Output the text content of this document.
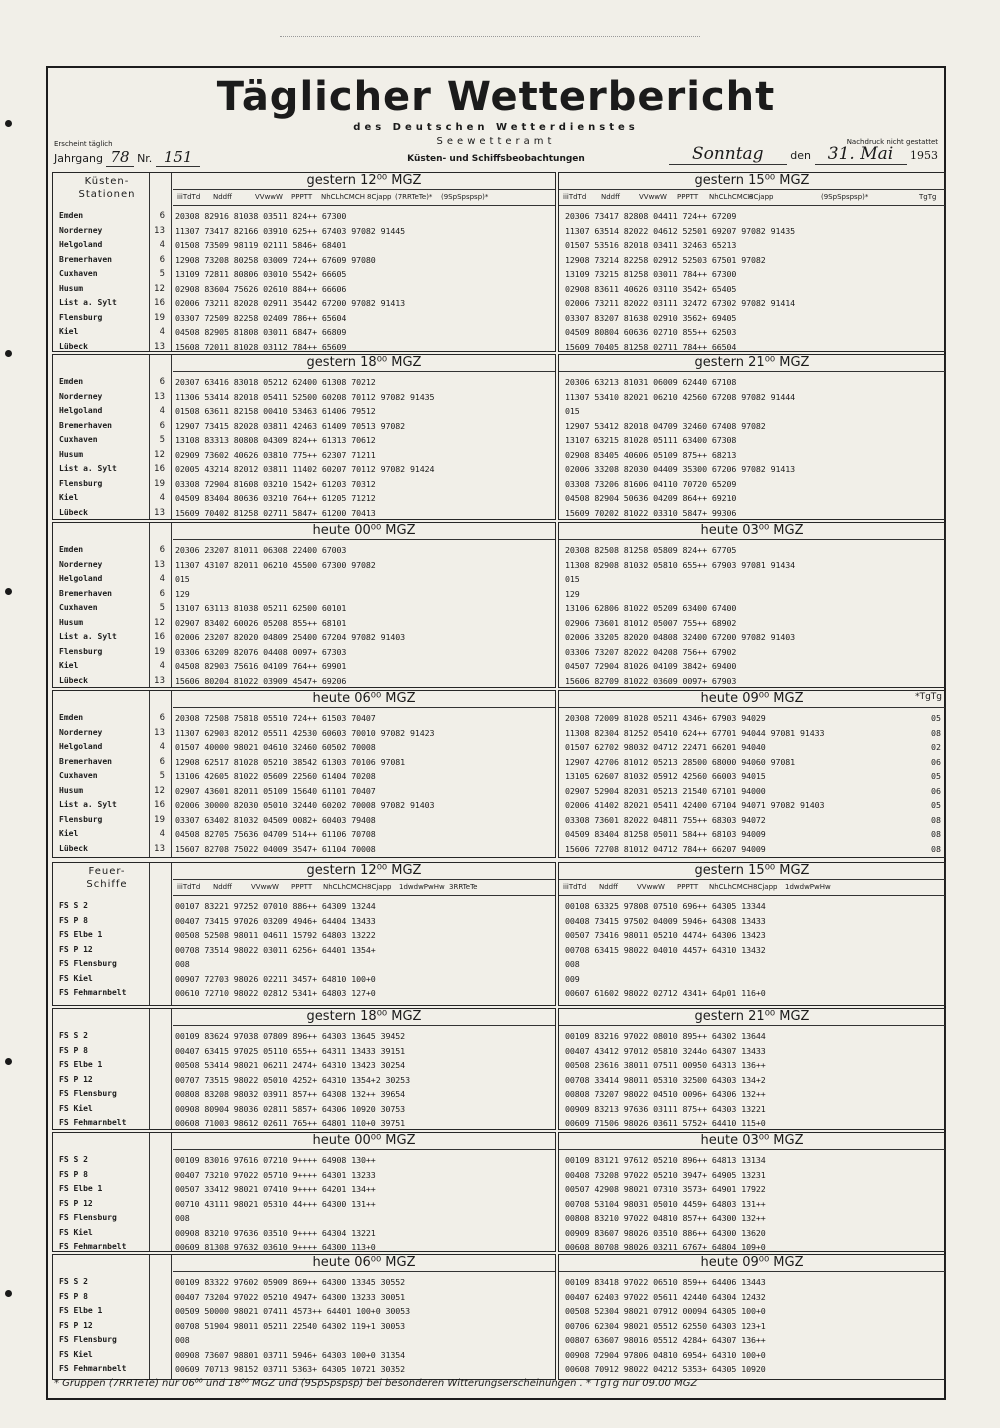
Täglicher Wetterbericht
des Deutschen Wetterdienstes
Seewetteramt
Erscheint täglich	Nachdruck nicht gestattet
Jahrgang 78 Nr. 151	Küsten- und Schiffsbeobachtungen	Sonntag den 31. Mai 1953
gestern 12⁰⁰ MGZ
iiiTdTd Nddff	VVwwW PPPTT NhCLhCMCH 8Cjapp (7RRTeTe)* (9SpSpspsp)*
Küsten-
Stationen
Emden	6 20308 82916 81038 03511 824++ 67300
Norderney	13 11307 73417 82166 03910 625++ 67403 97082 91445
Helgoland	4 01508 73509 98119 02111 5846+ 68401
Bremerhaven	6 12908 73208 80258 03009 724++ 67609 97080
Cuxhaven	5 13109 72811 80806 03010 5542+ 66605
Husum	12 02908 83604 75626 02610 884++ 66606
List a. Sylt	16 02006 73211 82028 02911 35442 67200 97082 91413
Flensburg	19 03307 72509 82258 02409 786++ 65604
Kiel	4 04508 82905 81808 03011 6847+ 66809
Lübeck	13 15608 72011 81028 03112 784++ 65609
gestern 15⁰⁰ MGZ
iiiTdTd Nddff	VVwwW PPPTT NhCLhCMCH
8Cjapp	(9SpSpspsp)*	TgTg
20306 73417 82808 04411 724++ 67209
11307 63514 82022 04612 52501 69207 97082 91435
01507 53516 82018 03411 32463 65213
12908 73214 82258 02912 52503 67501 97082
13109 73215 81258 03011 784++ 67300
02908 83611 40626 03110 3542+ 65405
02006 73211 82022 03111 32472 67302 97082 91414
03307 83207 81638 02910 3562+ 69405
04509 80804 60636 02710 855++ 62503
15609 70405 81258 02711 784++ 66504
gestern 18⁰⁰ MGZ
Emden	6 20307 63416 83018 05212 62400 61308 70212
Norderney	13 11306 53414 82018 05411 52500 60208 70112 97082 91435
Helgoland	4 01508 63611 82158 00410 53463 61406 79512
Bremerhaven	6 12907 73415 82028 03811 42463 61409 70513 97082
Cuxhaven	5 13108 83313 80808 04309 824++ 61313 70612
Husum	12 02909 73602 40626 03810 775++ 62307 71211
List a. Sylt	16 02005 43214 82012 03811 11402 60207 70112 97082 91424
Flensburg	19 03308 72904 81608 03210 1542+ 61203 70312
Kiel	4 04509 83404 80636 03210 764++ 61205 71212
Lübeck	13 15609 70402 81258 02711 5847+ 61200 70413
gestern 21⁰⁰ MGZ
20306 63213 81031 06009 62440 67108
11307 53410 82021 06210 42560 67208 97082 91444
015
12907 53412 82018 04709 32460 67408 97082
13107 63215 81028 05111 63400 67308
02908 83405 40606 05109 875++ 68213
02006 33208 82030 04409 35300 67206 97082 91413
03308 73206 81606 04110 70720 65209
04508 82904 50636 04209 864++ 69210
15609 70202 81022 03310 5847+ 99306
heute 00⁰⁰ MGZ
Emden	6 20306 23207 81011 06308 22400 67003
Norderney	13 11307 43107 82011 06210 45500 67300 97082
Helgoland	4 015
Bremerhaven	6 129
Cuxhaven	5 13107 63113 81038 05211 62500 60101
Husum	12 02907 83402 60026 05208 855++ 68101
List a. Sylt	16 02006 23207 82020 04809 25400 67204 97082 91403
Flensburg	19 03306 63209 82076 04408 0097+ 67303
Kiel	4 04508 82903 75616 04109 764++ 69901
Lübeck	13 15606 80204 81022 03909 4547+ 69206
heute 03⁰⁰ MGZ
20308 82508 81258 05809 824++ 67705
11308 82908 81032 05810 655++ 67903 97081 91434
015
129
13106 62806 81022 05209 63400 67400
02906 73601 81012 05007 755++ 68902
02006 33205 82020 04808 32400 67200 97082 91403
03306 73207 82022 04208 756++ 67902
04507 72904 81026 04109 3842+ 69400
15606 82709 81022 03609 0097+ 67903
heute 06⁰⁰ MGZ
Emden	6 20308 72508 75818 05510 724++ 61503 70407
Norderney	13 11307 62903 82012 05511 42530 60603 70010 97082 91423
Helgoland	4 01507 40000 98021 04610 32460 60502 70008
Bremerhaven	6 12908 62517 81028 05210 38542 61303 70106 97081
Cuxhaven	5 13106 42605 81022 05609 22560 61404 70208
Husum	12 02907 43601 82011 05109 15640 61101 70407
List a. Sylt	16 02006 30000 82030 05010 32440 60202 70008 97082 91403
Flensburg	19 03307 63402 81032 04509 0082+ 60403 79408
Kiel	4 04508 82705 75636 04709 514++ 61106 70708
Lübeck	13 15607 82708 75022 04009 3547+ 61104 70008
heute 09⁰⁰ MGZ	*TgTg
20308 72009 81028 05211 4346+ 67903 94029	05
11308 82304 81252 05410 624++ 67701 94044 97081 91433	08
01507 62702 98032 04712 22471 66201 94040	02
12907 42706 81012 05213 28500 68000 94060 97081	06
13105 62607 81032 05912 42560 66003 94015	05
02907 52904 82031 05213 21540 67101 94000	06
02006 41402 82021 05411 42400 67104 94071 97082 91403	05
03308 73601 82022 04811 755++ 68303 94072	08
04509 83404 81258 05011 584++ 68103 94009	08
15606 72708 81012 04712 784++ 66207 94009	08
gestern 12⁰⁰ MGZ
iiiTdTd Nddff	VVwwW PPPTT NhCLhCMCH 8Cjapp 1dwdwPwHw 3RRTeTe
Feuer-
Schiffe
FS S 2	00107 83221 97252 07010 886++ 64309 13244
FS P 8	00407 73415 97026 03209 4946+ 64404 13433
FS Elbe 1	00508 52508 98011 04611 15792 64803 13222
FS P 12	00708 73514 98022 03011 6256+ 64401 1354+
FS Flensburg	008
FS Kiel	00907 72703 98026 02211 3457+ 64810 100+0
FS Fehmarnbelt	00610 72710 98022 02812 5341+ 64803 127+0
gestern 15⁰⁰ MGZ
iiiTdTd Nddff	VVwwW PPPTT NhCLhCMCH 8Cjapp 1dwdwPwHw
00108 63325 97808 07510 696++ 64305 13344
00408 73415 97502 04009 5946+ 64308 13433
00507 73416 98011 05210 4474+ 64306 13423
00708 63415 98022 04010 4457+ 64310 13432
008
009
00607 61602 98022 02712 4341+ 64p01 116+0
gestern 18⁰⁰ MGZ
FS S 2	00109 83624 97038 07809 896++ 64303 13645 39452
FS P 8	00407 63415 97025 05110 655++ 64311 13433 39151
FS Elbe 1	00508 53414 98021 06211 2474+ 64310 13423 30254
FS P 12	00707 73515 98022 05010 4252+ 64310 1354+2 30253
FS Flensburg	00808 83208 98032 03911 857++ 64308 132++ 39654
FS Kiel	00908 80904 98036 02811 5857+ 64306 10920 30753
FS Fehmarnbelt	00608 71003 98612 02611 765++ 64801 110+0 39751
gestern 21⁰⁰ MGZ
00109 83216 97022 08010 895++ 64302 13644
00407 43412 97012 05810 3244o 64307 13433
00508 23616 38011 07511 00950 64313 136++
00708 33414 98011 05310 32500 64303 134+2
00808 73207 98022 04510 0096+ 64306 132++
00909 83213 97636 03111 875++ 64303 13221
00609 71506 98026 03611 5752+ 64410 115+0
heute 00⁰⁰ MGZ
FS S 2	00109 83016 97616 07210 9++++ 64908 130++
FS P 8	00407 73210 97022 05710 9++++ 64301 13233
FS Elbe 1	00507 33412 98021 07410 9++++ 64201 134++
FS P 12	00710 43111 98021 05310 44+++ 64300 131++
FS Flensburg	008
FS Kiel	00908 83210 97636 03510 9++++ 64304 13221
FS Fehmarnbelt	00609 81308 97632 03610 9++++ 64300 113+0
heute 03⁰⁰ MGZ
00109 83121 97612 05210 896++ 64813 13134
00408 73208 97022 05210 3947+ 64905 13231
00507 42908 98021 07310 3573+ 64901 17922
00708 53104 98031 05010 4459+ 64803 131++
00808 83210 97022 04810 857++ 64300 132++
00909 83607 98026 03510 886++ 64300 13620
00608 80708 98026 03211 6767+ 64804 109+0
heute 06⁰⁰ MGZ
FS S 2	00109 83322 97602 05909 869++ 64300 13345 30552
FS P 8	00407 73204 97022 05210 4947+ 64300 13233 30051
FS Elbe 1	00509 50000 98021 07411 4573++ 64401 100+0 30053
FS P 12	00708 51904 98011 05211 22540 64302 119+1 30053
FS Flensburg	008
FS Kiel	00908 73607 98801 03711 5946+ 64303 100+0 31354
FS Fehmarnbelt	00609 70713 98152 03711 5363+ 64305 10721 30352
heute 09⁰⁰ MGZ
00109 83418 97022 06510 859++ 64406 13443
00407 62403 97022 05611 42440 64304 12432
00508 52304 98021 07912 00094 64305 100+0
00706 62304 98021 05512 62550 64303 123+1
00807 63607 98016 05512 4284+ 64307 136++
00908 72904 97806 04810 6954+ 64310 100+0
00608 70912 98022 04212 5353+ 64305 10920
* Gruppen (7RRTeTe) nur 06⁰⁰ und 18⁰⁰ MGZ und (9SpSpspsp) bei besonderen Witterungserscheinungen . * TgTg nur 09.00 MGZ
